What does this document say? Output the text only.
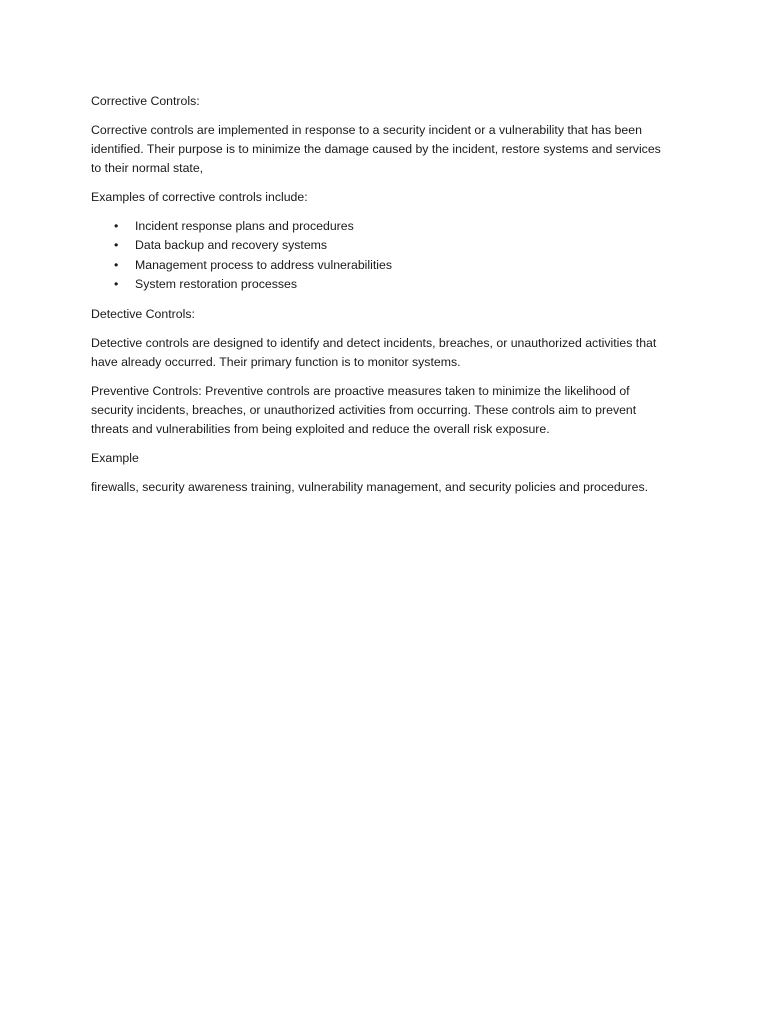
Corrective Controls:
Corrective controls are implemented in response to a security incident or a vulnerability that has been
identified. Their purpose is to minimize the damage caused by the incident, restore systems and services
to their normal state,
Examples of corrective controls include:
• Incident response plans and procedures
• Data backup and recovery systems
• Management process to address vulnerabilities
• System restoration processes
Detective Controls:
Detective controls are designed to identify and detect incidents, breaches, or unauthorized activities that
have already occurred. Their primary function is to monitor systems.
Preventive Controls: Preventive controls are proactive measures taken to minimize the likelihood of
security incidents, breaches, or unauthorized activities from occurring. These controls aim to prevent
threats and vulnerabilities from being exploited and reduce the overall risk exposure.
Example
firewalls, security awareness training, vulnerability management, and security policies and procedures.
